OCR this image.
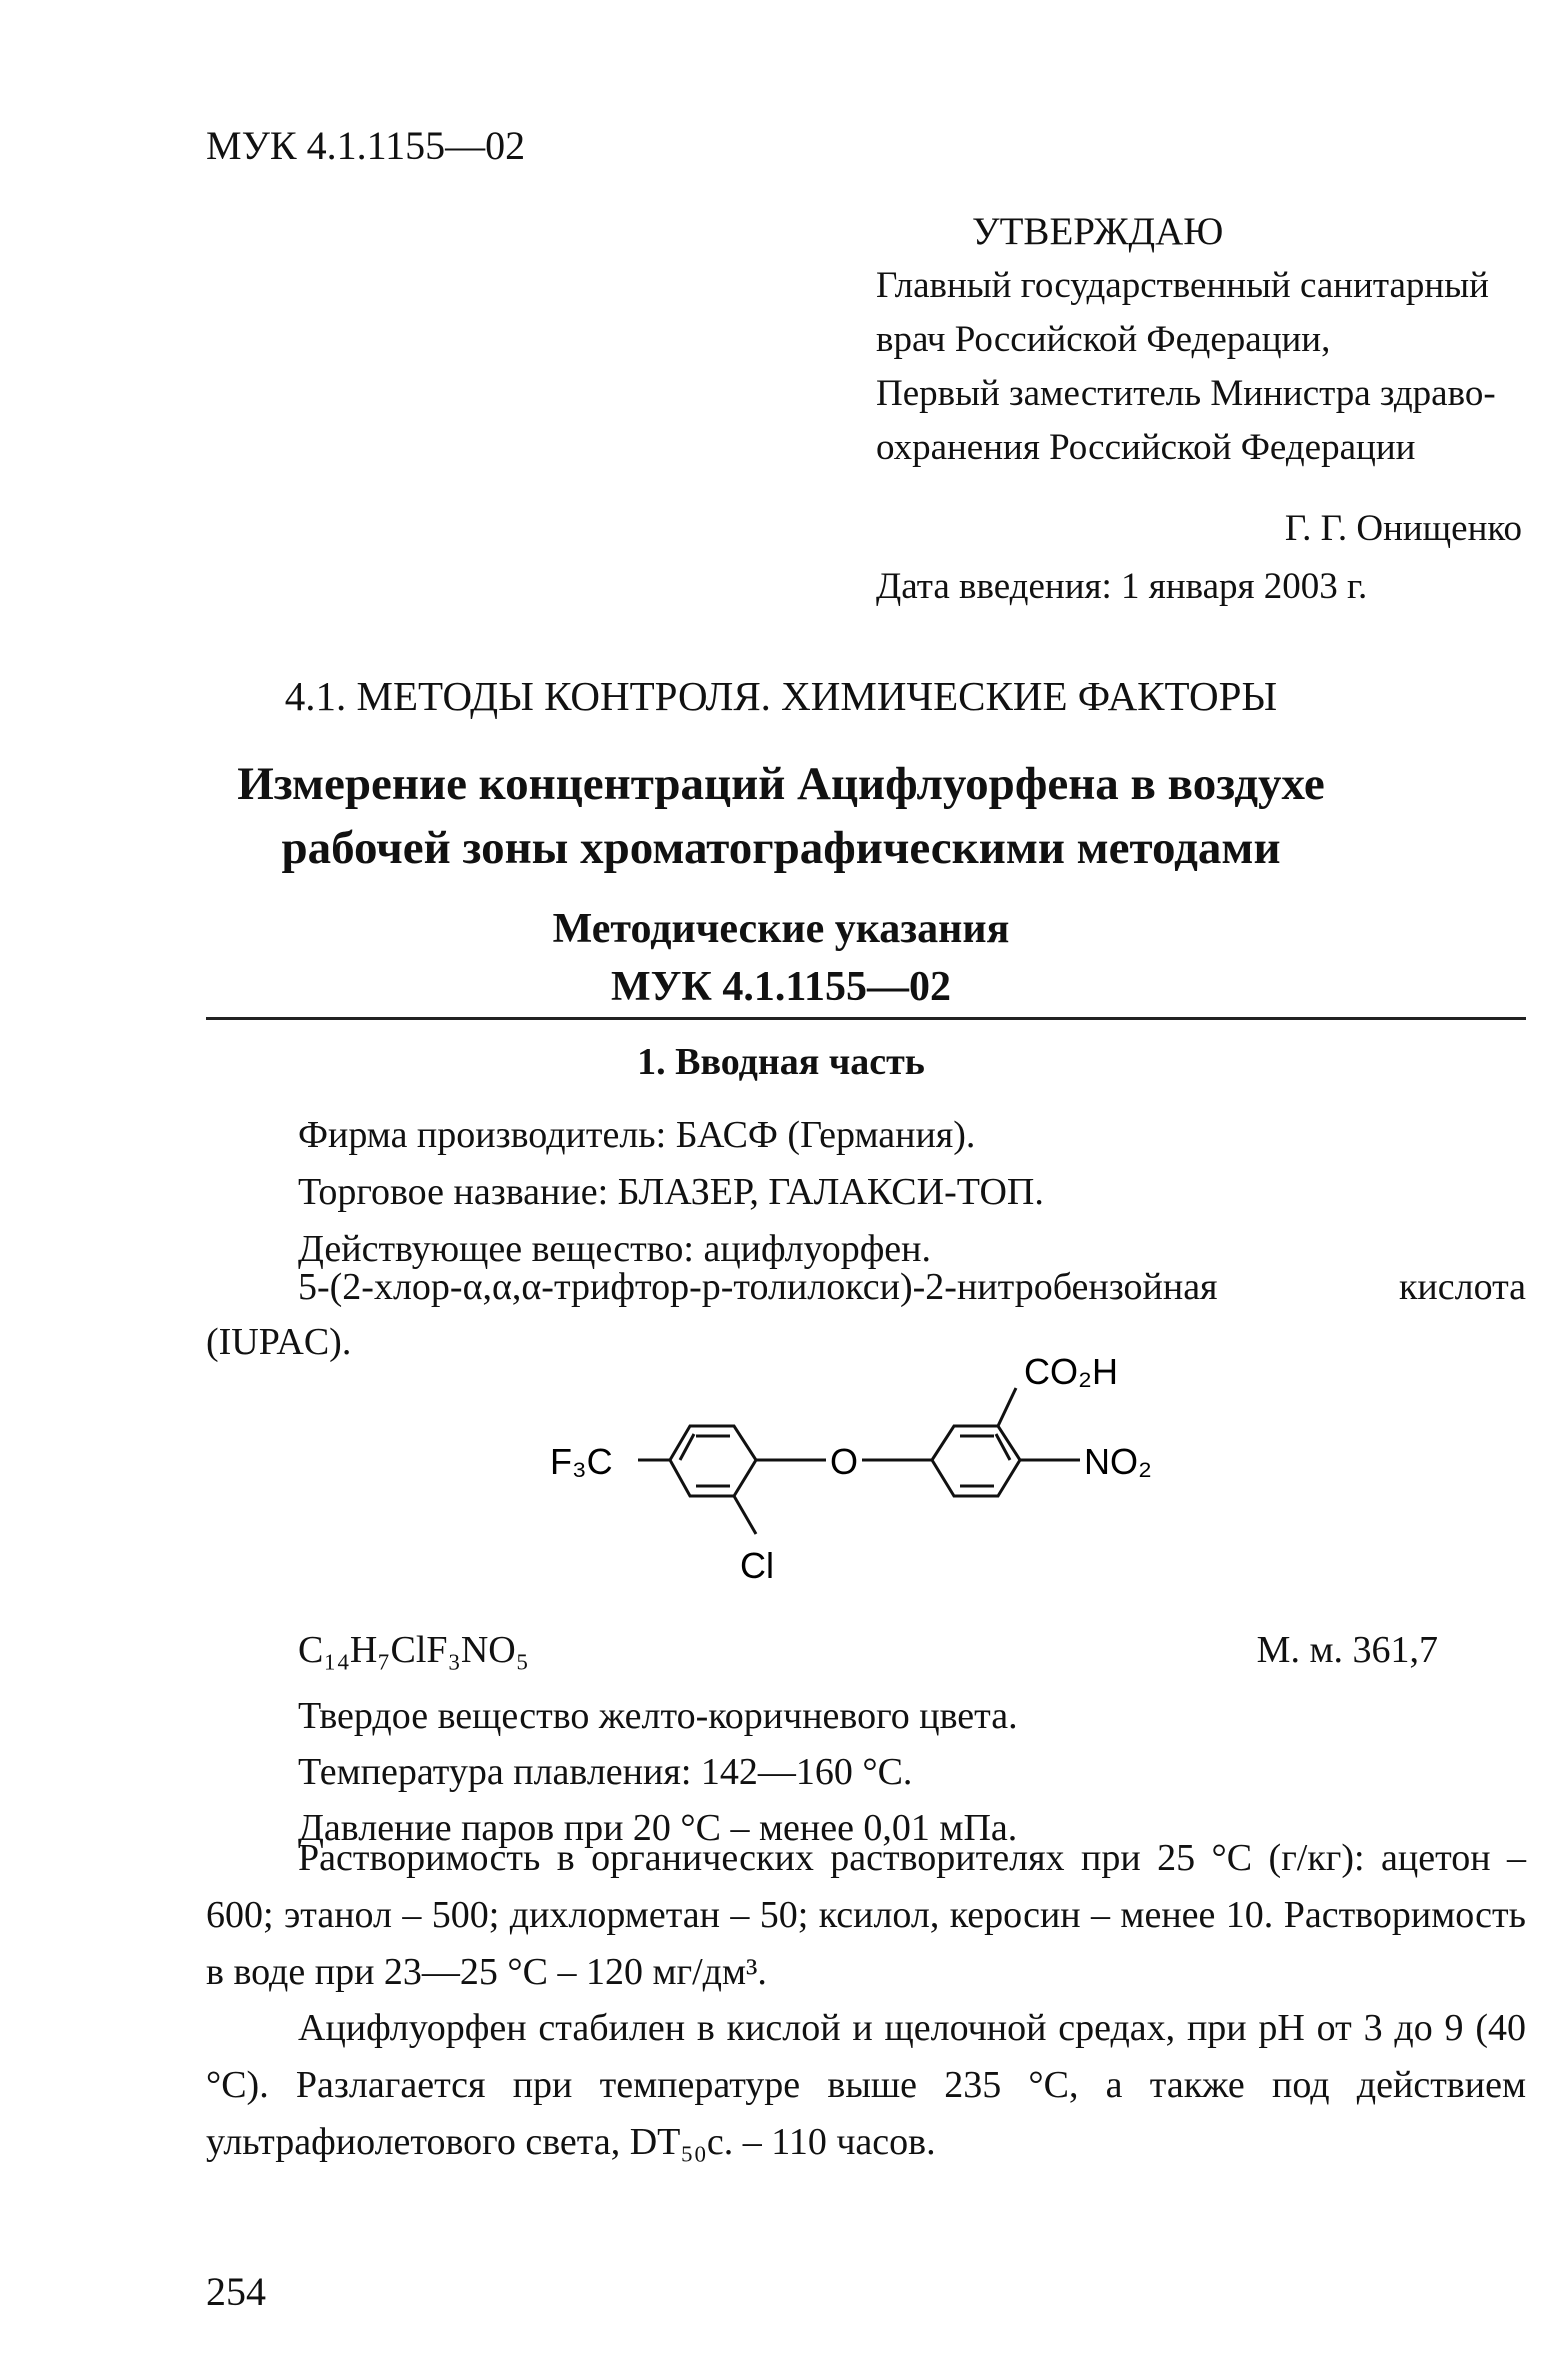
МУК 4.1.1155—02
УТВЕРЖДАЮ
Главный государственный санитарный
врач Российской Федерации,
Первый заместитель Министра здраво-
охранения Российской Федерации
Г. Г. Онищенко
Дата введения: 1 января 2003 г.
4.1. МЕТОДЫ КОНТРОЛЯ. ХИМИЧЕСКИЕ ФАКТОРЫ
Измерение концентраций Ацифлуорфена в воздухе
рабочей зоны хроматографическими методами
Методические указания
МУК 4.1.1155—02
1. Вводная часть
Фирма производитель: БАСФ (Германия).
Торговое название: БЛАЗЕР, ГАЛАКСИ-ТОП.
Действующее вещество: ацифлуорфен.
5-(2-хлор-α,α,α-трифтор-p-толилокси)-2-нитробензойная	кислота
(IUPAC).
F₃C	O
CO₂H
NO₂
Cl
C₁₄H₇ClF₃NO₅	М. м. 361,7
Твердое вещество желто-коричневого цвета.
Температура плавления: 142—160 °С.
Давление паров при 20 °С – менее 0,01 мПа.
Растворимость в органических растворителях при 25 °С (г/кг): ацетон – 600; этанол – 500; дихлорметан – 50; ксилол, керосин – менее 10. Растворимость в воде при 23—25 °С – 120 мг/дм³.
Ацифлуорфен стабилен в кислой и щелочной средах, при pH от 3 до 9 (40 °С). Разлагается при температуре выше 235 °С, а также под действием ультрафиолетового света, DT₅₀с. – 110 часов.
254
